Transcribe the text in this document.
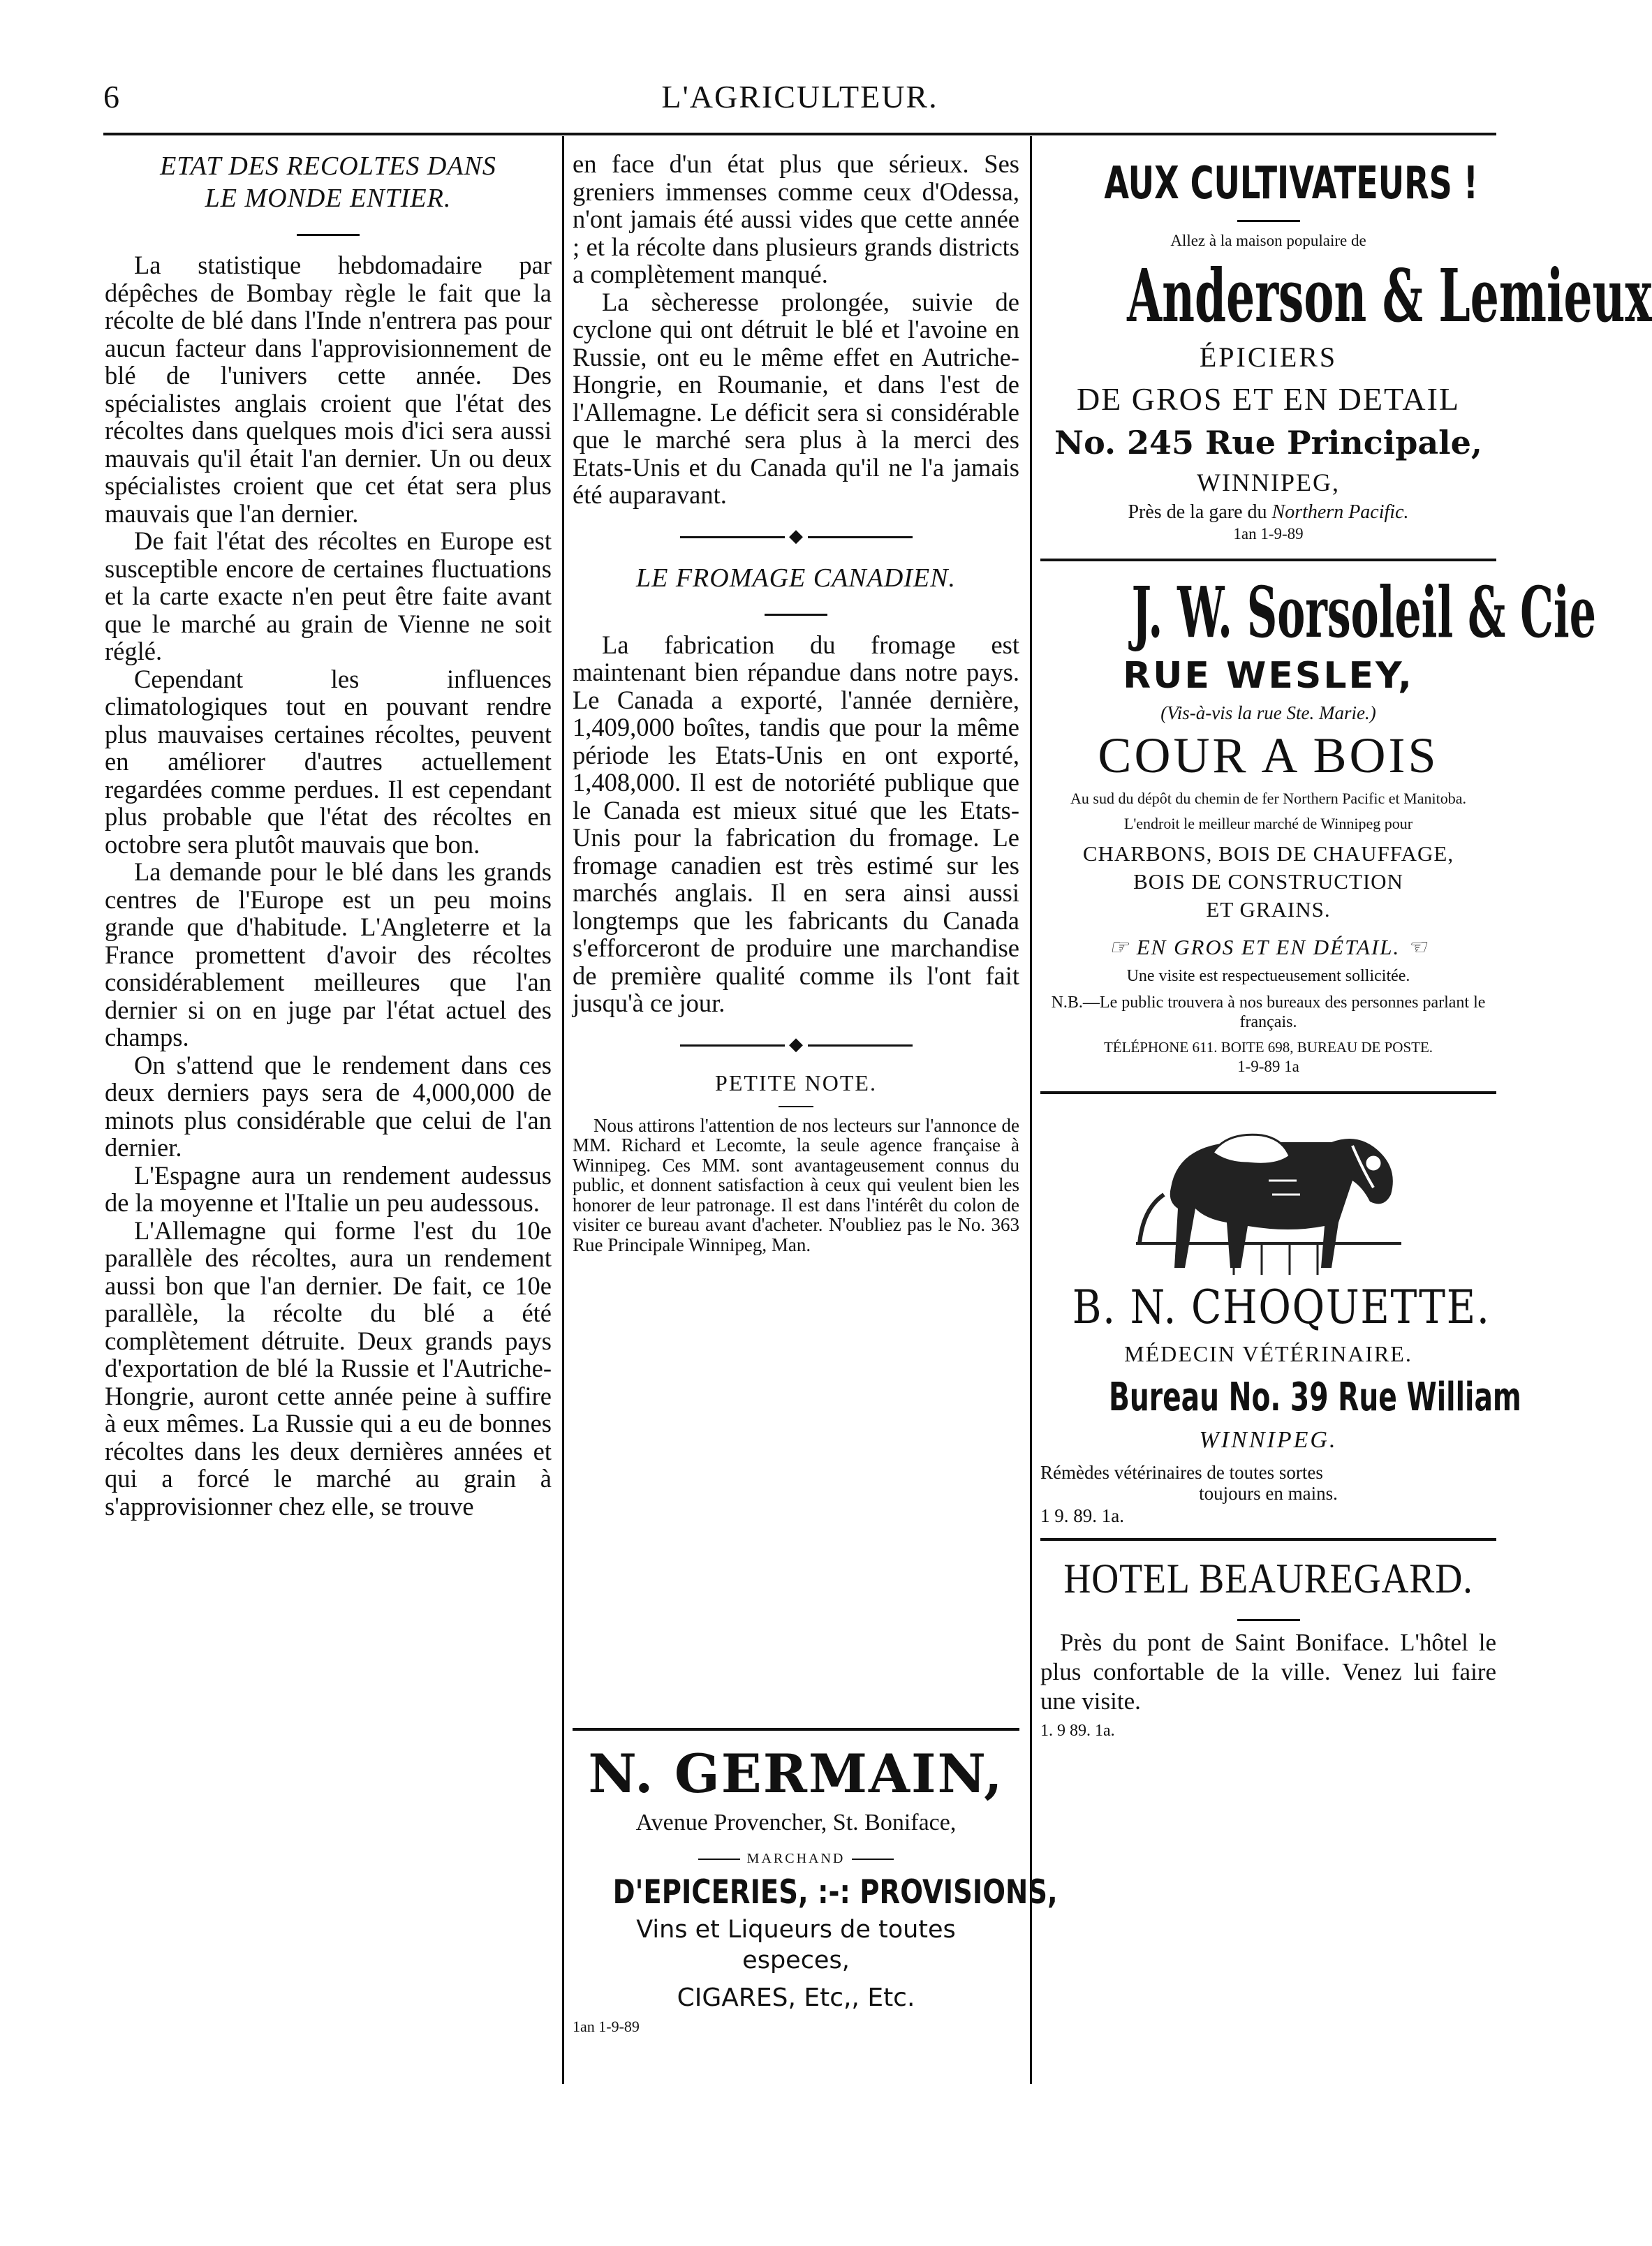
6	L'AGRICULTEUR.

ETAT DES RECOLTES DANS

LE MONDE ENTIER.

La statistique hebdomadaire par dépêches de Bombay règle le fait que la récolte de blé dans l'Inde n'entrera pas pour aucun facteur dans l'approvisionnement de blé de l'univers cette année. Des spécialistes anglais croient que l'état des récoltes dans quelques mois d'ici sera aussi mauvais qu'il était l'an dernier. Un ou deux spécialistes croient que cet état sera plus mauvais que l'an dernier.

De fait l'état des récoltes en Europe est susceptible encore de certaines fluctuations et la carte exacte n'en peut être faite avant que le marché au grain de Vienne ne soit réglé.

Cependant les influences climatologiques tout en pouvant rendre plus mauvaises certaines récoltes, peuvent en améliorer d'autres actuellement regardées comme perdues. Il est cependant plus probable que l'état des récoltes en octobre sera plutôt mauvais que bon.

La demande pour le blé dans les grands centres de l'Europe est un peu moins grande que d'habitude. L'Angleterre et la France promettent d'avoir des récoltes considérablement meilleures que l'an dernier si on en juge par l'état actuel des champs.

On s'attend que le rendement dans ces deux derniers pays sera de 4,000,000 de minots plus considérable que celui de l'an dernier.

L'Espagne aura un rendement audessus de la moyenne et l'Italie un peu audessous.

L'Allemagne qui forme l'est du 10e parallèle des récoltes, aura un rendement aussi bon que l'an dernier. De fait, ce 10e parallèle, la récolte du blé a été complètement détruite. Deux grands pays d'exportation de blé la Russie et l'Autriche-Hongrie, auront cette année peine à suffire à eux mêmes. La Russie qui a eu de bonnes récoltes dans les deux dernières années et qui a forcé le marché au grain à s'approvisionner chez elle, se trouve

en face d'un état plus que sérieux. Ses greniers immenses comme ceux d'Odessa, n'ont jamais été aussi vides que cette année ; et la récolte dans plusieurs grands districts a complètement manqué.

La sècheresse prolongée, suivie de cyclone qui ont détruit le blé et l'avoine en Russie, ont eu le même effet en Autriche-Hongrie, en Roumanie, et dans l'est de l'Allemagne. Le déficit sera si considérable que le marché sera plus à la merci des Etats-Unis et du Canada qu'il ne l'a jamais été auparavant.

◆

LE FROMAGE CANADIEN.

La fabrication du fromage est maintenant bien répandue dans notre pays. Le Canada a exporté, l'année dernière, 1,409,000 boîtes, tandis que pour la même période les Etats-Unis en ont exporté, 1,408,000. Il est de notoriété publique que le Canada est mieux situé que les Etats-Unis pour la fabrication du fromage. Le fromage canadien est très estimé sur les marchés anglais. Il en sera ainsi aussi longtemps que les fabricants du Canada s'efforceront de produire une marchandise de première qualité comme ils l'ont fait jusqu'à ce jour.

◆

PETITE NOTE.

Nous attirons l'attention de nos lecteurs sur l'annonce de MM. Richard et Lecomte, la seule agence française à Winnipeg. Ces MM. sont avantageusement connus du public, et donnent satisfaction à ceux qui veulent bien les honorer de leur patronage. Il est dans l'intérêt du colon de visiter ce bureau avant d'acheter. N'oubliez pas le No. 363 Rue Principale Winnipeg, Man.

N. GERMAIN,
Avenue Provencher, St. Boniface,
MARCHAND
D'EPICERIES, :-: PROVISIONS,
Vins et Liqueurs de toutes
especes,
CIGARES, Etc,, Etc.
1an 1-9-89
AUX CULTIVATEURS !
Allez à la maison populaire de
Anderson & Lemieux
ÉPICIERS
DE GROS ET EN DETAIL
No. 245 Rue Principale,
WINNIPEG,
Près de la gare du Northern Pacific.
1an 1-9-89
J. W. Sorsoleil & Cie
RUE WESLEY,
(Vis-à-vis la rue Ste. Marie.)
COUR A BOIS
Au sud du dépôt du chemin de fer Northern Pacific et Manitoba.
L'endroit le meilleur marché de Winnipeg pour
CHARBONS, BOIS DE CHAUFFAGE,
BOIS DE CONSTRUCTION
ET GRAINS.
☞ EN GROS ET EN DÉTAIL. ☜
Une visite est respectueusement sollicitée.
N.B.—Le public trouvera à nos bureaux des personnes parlant le français.
TÉLÉPHONE 611. BOITE 698, BUREAU DE POSTE.
1-9-89 1a
B. N. CHOQUETTE.
MÉDECIN VÉTÉRINAIRE.
Bureau No. 39 Rue William
WINNIPEG.
Rémèdes vétérinaires de toutes sortes
toujours en mains.
1 9. 89. 1a.
HOTEL BEAUREGARD.
Près du pont de Saint Boniface. L'hôtel le plus confortable de la ville. Venez lui faire une visite.
1. 9 89. 1a.
